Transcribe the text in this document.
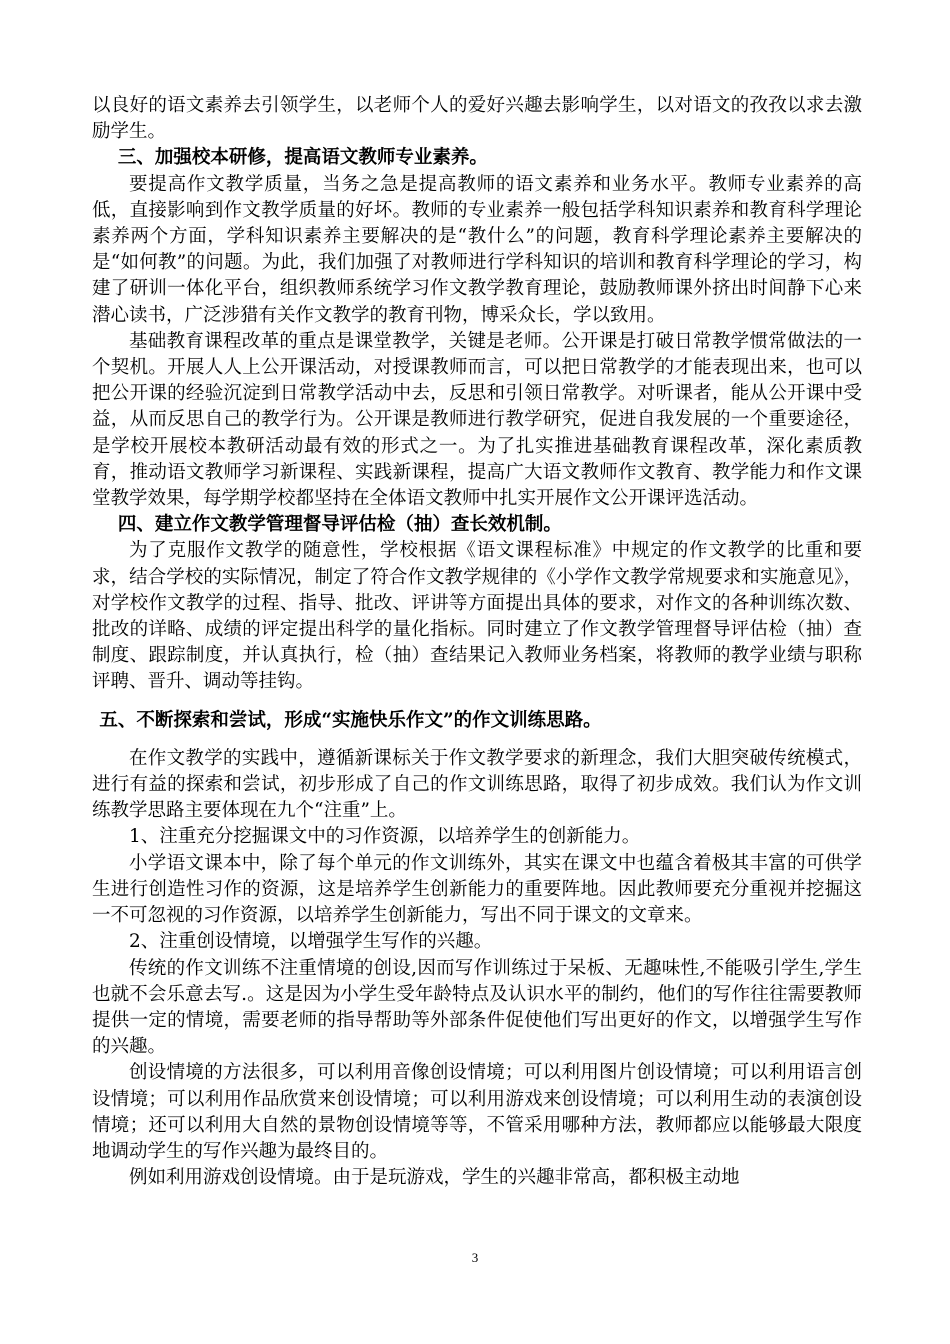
以良好的语文素养去引领学生，以老师个人的爱好兴趣去影响学生，以对语文的孜孜以求去激励学生。

三、加强校本研修，提高语文教师专业素养。

要提高作文教学质量，当务之急是提高教师的语文素养和业务水平。教师专业素养的高低，直接影响到作文教学质量的好坏。教师的专业素养一般包括学科知识素养和教育科学理论素养两个方面，学科知识素养主要解决的是“教什么”的问题，教育科学理论素养主要解决的是“如何教”的问题。为此，我们加强了对教师进行学科知识的培训和教育科学理论的学习，构建了研训一体化平台，组织教师系统学习作文教学教育理论，鼓励教师课外挤出时间静下心来潜心读书，广泛涉猎有关作文教学的教育刊物，博采众长，学以致用。

基础教育课程改革的重点是课堂教学，关键是老师。公开课是打破日常教学惯常做法的一个契机。开展人人上公开课活动，对授课教师而言，可以把日常教学的才能表现出来，也可以把公开课的经验沉淀到日常教学活动中去，反思和引领日常教学。对听课者，能从公开课中受益，从而反思自己的教学行为。公开课是教师进行教学研究，促进自我发展的一个重要途径，是学校开展校本教研活动最有效的形式之一。为了扎实推进基础教育课程改革，深化素质教育，推动语文教师学习新课程、实践新课程，提高广大语文教师作文教育、教学能力和作文课堂教学效果，每学期学校都坚持在全体语文教师中扎实开展作文公开课评选活动。

四、建立作文教学管理督导评估检（抽）查长效机制。

为了克服作文教学的随意性，学校根据《语文课程标准》中规定的作文教学的比重和要求，结合学校的实际情况，制定了符合作文教学规律的《小学作文教学常规要求和实施意见》，对学校作文教学的过程、指导、批改、评讲等方面提出具体的要求，对作文的各种训练次数、批改的详略、成绩的评定提出科学的量化指标。同时建立了作文教学管理督导评估检（抽）查制度、跟踪制度，并认真执行，检（抽）查结果记入教师业务档案，将教师的教学业绩与职称评聘、晋升、调动等挂钩。

五、不断探索和尝试，形成“实施快乐作文”的作文训练思路。

在作文教学的实践中，遵循新课标关于作文教学要求的新理念，我们大胆突破传统模式，进行有益的探索和尝试，初步形成了自己的作文训练思路，取得了初步成效。我们认为作文训练教学思路主要体现在九个“注重”上。

1、注重充分挖掘课文中的习作资源，以培养学生的创新能力。

小学语文课本中，除了每个单元的作文训练外，其实在课文中也蕴含着极其丰富的可供学生进行创造性习作的资源，这是培养学生创新能力的重要阵地。因此教师要充分重视并挖掘这一不可忽视的习作资源，以培养学生创新能力，写出不同于课文的文章来。

2、注重创设情境，以增强学生写作的兴趣。

传统的作文训练不注重情境的创设,因而写作训练过于呆板、无趣味性,不能吸引学生,学生也就不会乐意去写.。这是因为小学生受年龄特点及认识水平的制约，他们的写作往往需要教师提供一定的情境，需要老师的指导帮助等外部条件促使他们写出更好的作文，以增强学生写作的兴趣。

创设情境的方法很多，可以利用音像创设情境；可以利用图片创设情境；可以利用语言创设情境；可以利用作品欣赏来创设情境；可以利用游戏来创设情境；可以利用生动的表演创设情境；还可以利用大自然的景物创设情境等等，不管采用哪种方法，教师都应以能够最大限度地调动学生的写作兴趣为最终目的。

例如利用游戏创设情境。由于是玩游戏，学生的兴趣非常高，都积极主动地

3
